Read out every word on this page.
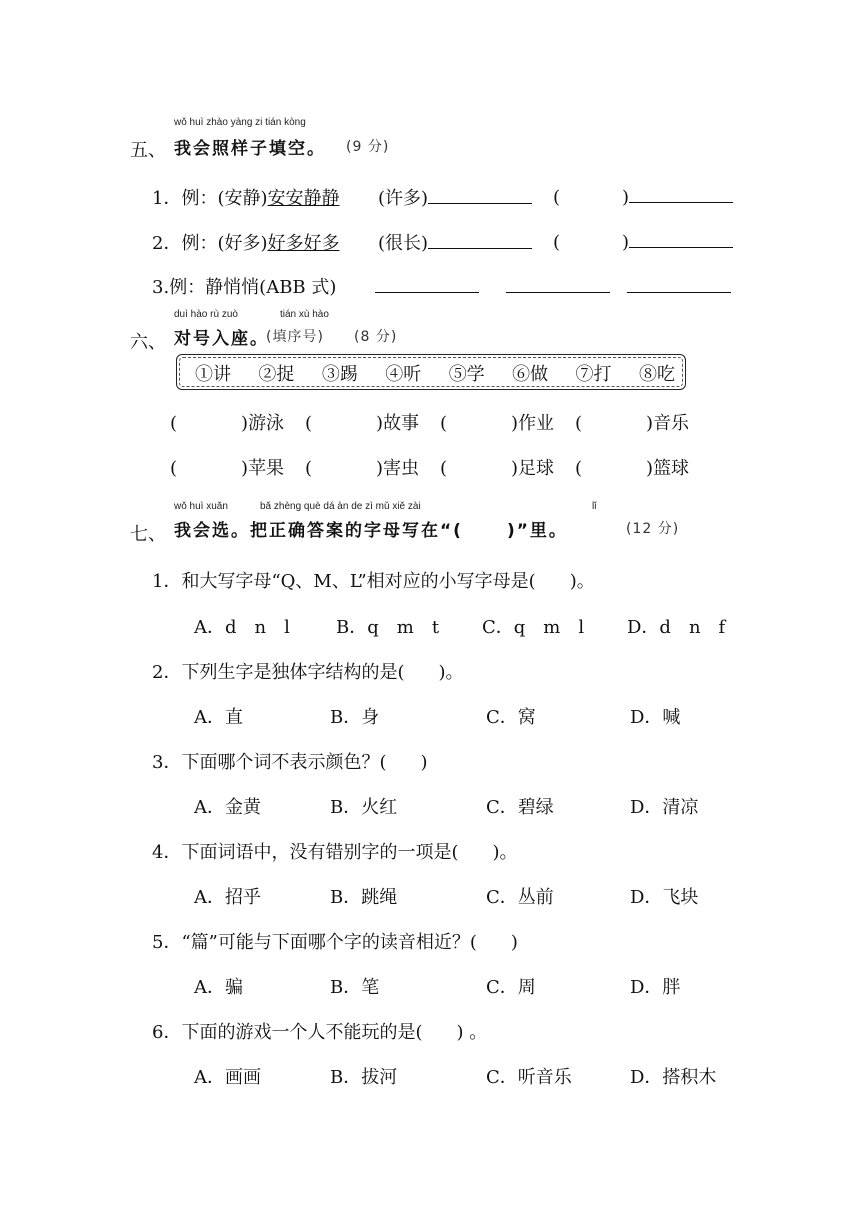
wǒ huì zhào yàng zi tián kòng
五、 我会照样子填空。 (9 分)
1．例：(安静)安安静静 (许多)	(	)
2．例：(好多)好多好多 (很长)	(	)
3.例：静悄悄(ABB 式)
duì hào rù zuò	tián xù hào
六、 对号入座。
(填序号) (8 分)
①讲 ②捉 ③踢 ④听 ⑤学 ⑥做 ⑦打 ⑧吃
(	)游泳 (	)故事 (	)作业 (	)音乐
(	)苹果 (	)害虫 (	)足球 (	)篮球
wǒ huì xuǎn	bǎ zhèng què dá àn de zì mǔ xiě zài	lǐ
七、 我会选。把正确答案的字母写在“(	)”里。	(12 分)
1．和大写字母“Q、M、L”相对应的小写字母是( )。
A．d　n　l	B．q　m　t C．q　m　l D．d　n　f
2．下列生字是独体字结构的是( )。
A．直	B．身	C．窝	D．喊
3．下面哪个词不表示颜色？( )
A．金黄	B．火红	C．碧绿	D．清凉
4．下面词语中，没有错别字的一项是( )。
A．招乎	B．跳绳	C．丛前	D．飞块
5．“篇”可能与下面哪个字的读音相近？( )
A．骗	B．笔	C．周	D．胖
6．下面的游戏一个人不能玩的是( ) 。
A．画画	B．拔河	C．听音乐	D．搭积木
